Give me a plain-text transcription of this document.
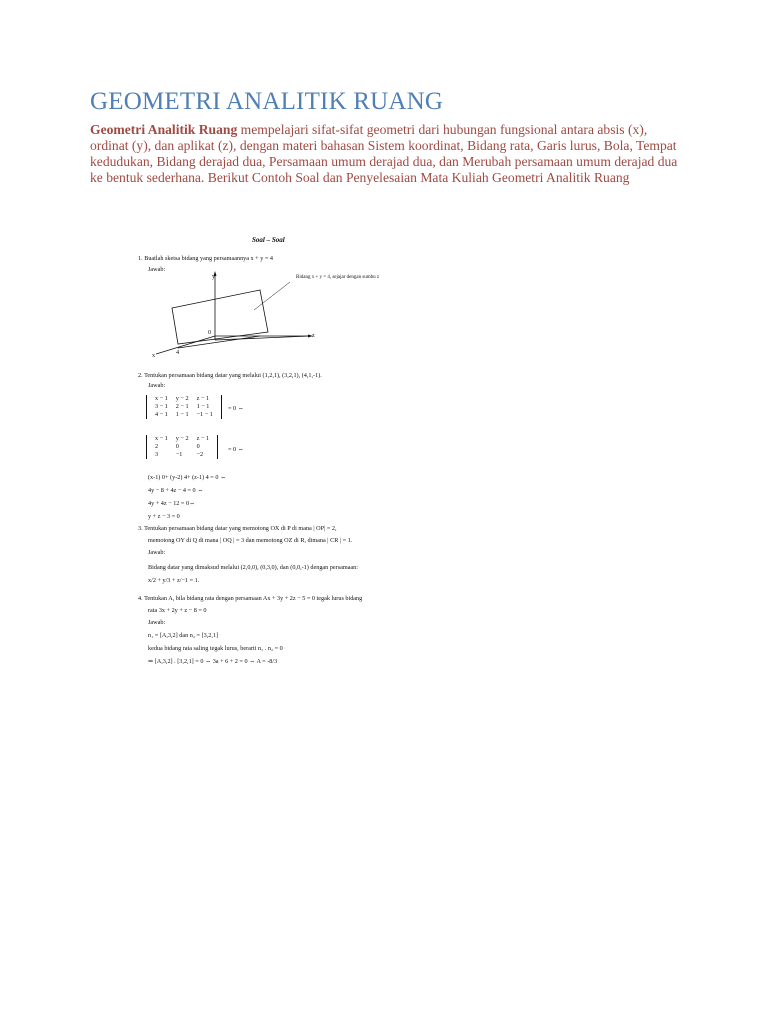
GEOMETRI ANALITIK RUANG
Geometri Analitik Ruang mempelajari sifat-sifat geometri dari hubungan fungsional antara absis (x), ordinat (y), dan aplikat (z), dengan materi bahasan Sistem koordinat, Bidang rata, Garis lurus, Bola, Tempat kedudukan, Bidang derajad dua, Persamaan umum derajad dua, dan Merubah persamaan umum derajad dua ke bentuk sederhana. Berikut Contoh Soal dan Penyelesaian Mata Kuliah Geometri Analitik Ruang
Soal – Soal
1. Buatlah sketsa bidang yang persamaannya x + y = 4
Jawab:
Bidang x + y = 4, sejajar dengan sumbu z
y
z
x
0
4
2. Tentukan persamaan bidang datar yang melalui (1,2,1), (3,2,1), (4,1,-1).
Jawab:
x − 1	y − 2	z − 1
3 − 1	2 − 1	1 − 1
4 − 1	1 − 1	−1 − 1
= 0 ⇔
x − 1	y − 2	z − 1
2	0	0
3	−1	−2
= 0 ⇔
(x-1) 0+ (y-2) 4+ (z-1) 4 = 0 ⇔
4y − 8 + 4z − 4 = 0 ⇔
4y + 4z − 12 = 0⇔
y + z − 3 = 0
3. Tentukan persamaan bidang datar yang memotong OX di P di mana | OP| = 2,
memotong OY di Q di mana | OQ | = 3 dan memotong OZ di R, dimana | CR | = 1.
Jawab:
Bidang datar yang dimaksud melalui (2,0,0), (0,3,0), dan (0,0,-1) dengan persamaan:
x/2 + y/3 + z/−1 = 1.
4. Tentukan A, bila bidang rata dengan persamaan Ax + 3y + 2z − 5 = 0 tegak lurus bidang
rata 3x + 2y + z − 8 = 0
Jawab:
n₁ = [A,3,2] dan n₂ = [3,2,1]
kedua bidang rata saling tegak lurus, berarti n₁ . n₂ = 0
⇒ [A,3,2] . [3,2,1] = 0 ⇔ 3a + 6 + 2 = 0 ⇔ A = -8/3
